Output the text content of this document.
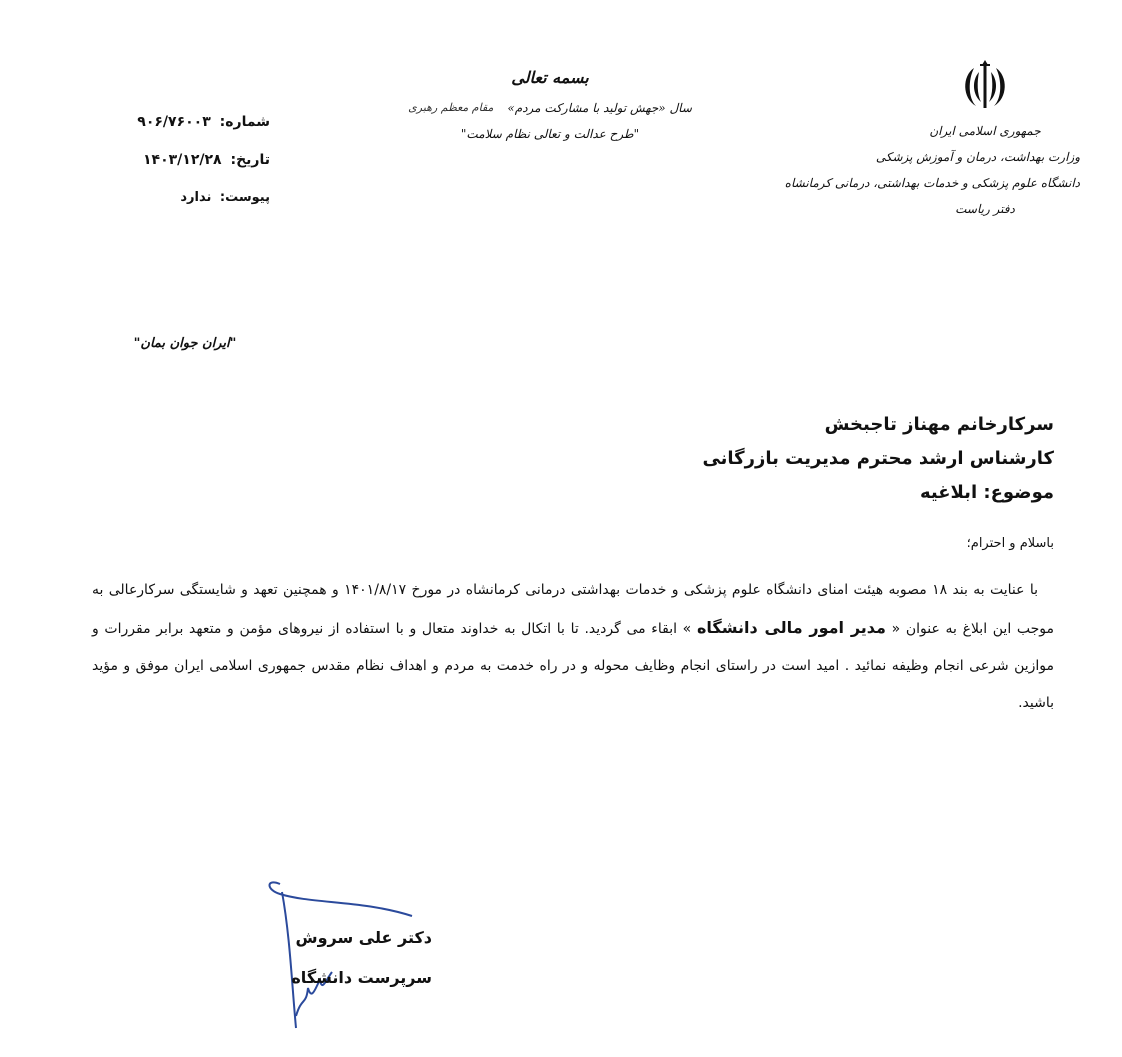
جمهوری اسلامی ایران
وزارت بهداشت، درمان و آموزش پزشکی
دانشگاه علوم پزشکی و خدمات بهداشتی، درمانی کرمانشاه
دفتر ریاست
بسمه تعالی
سال «جهش تولید با مشارکت مردم»
مقام معظم رهبری
"طرح عدالت و تعالی نظام سلامت"
شماره: ۹۰۶/۷۶۰۰۳
تاریخ: ۱۴۰۳/۱۲/۲۸
پیوست: ندارد
"ایران جوان بمان"
سرکارخانم مهناز تاجبخش
کارشناس ارشد محترم مدیریت بازرگانی
موضوع: ابلاغیه
باسلام و احترام؛
با عنایت به بند ۱۸ مصوبه هیئت امنای دانشگاه علوم پزشکی و خدمات بهداشتی درمانی کرمانشاه در مورخ ۱۴۰۱/۸/۱۷ و همچنین تعهد و شایستگی سرکارعالی به موجب این ابلاغ به عنوان « مدیر امور مالی دانشگاه » ابقاء می گردید. تا با اتکال به خداوند متعال و با استفاده از نیروهای مؤمن و متعهد برابر مقررات و موازین شرعی انجام وظیفه نمائید . امید است در راستای انجام وظایف محوله و در راه خدمت به مردم و اهداف نظام مقدس جمهوری اسلامی ایران موفق و مؤید باشید.
دکتر علی سروش
سرپرست دانشگاه
